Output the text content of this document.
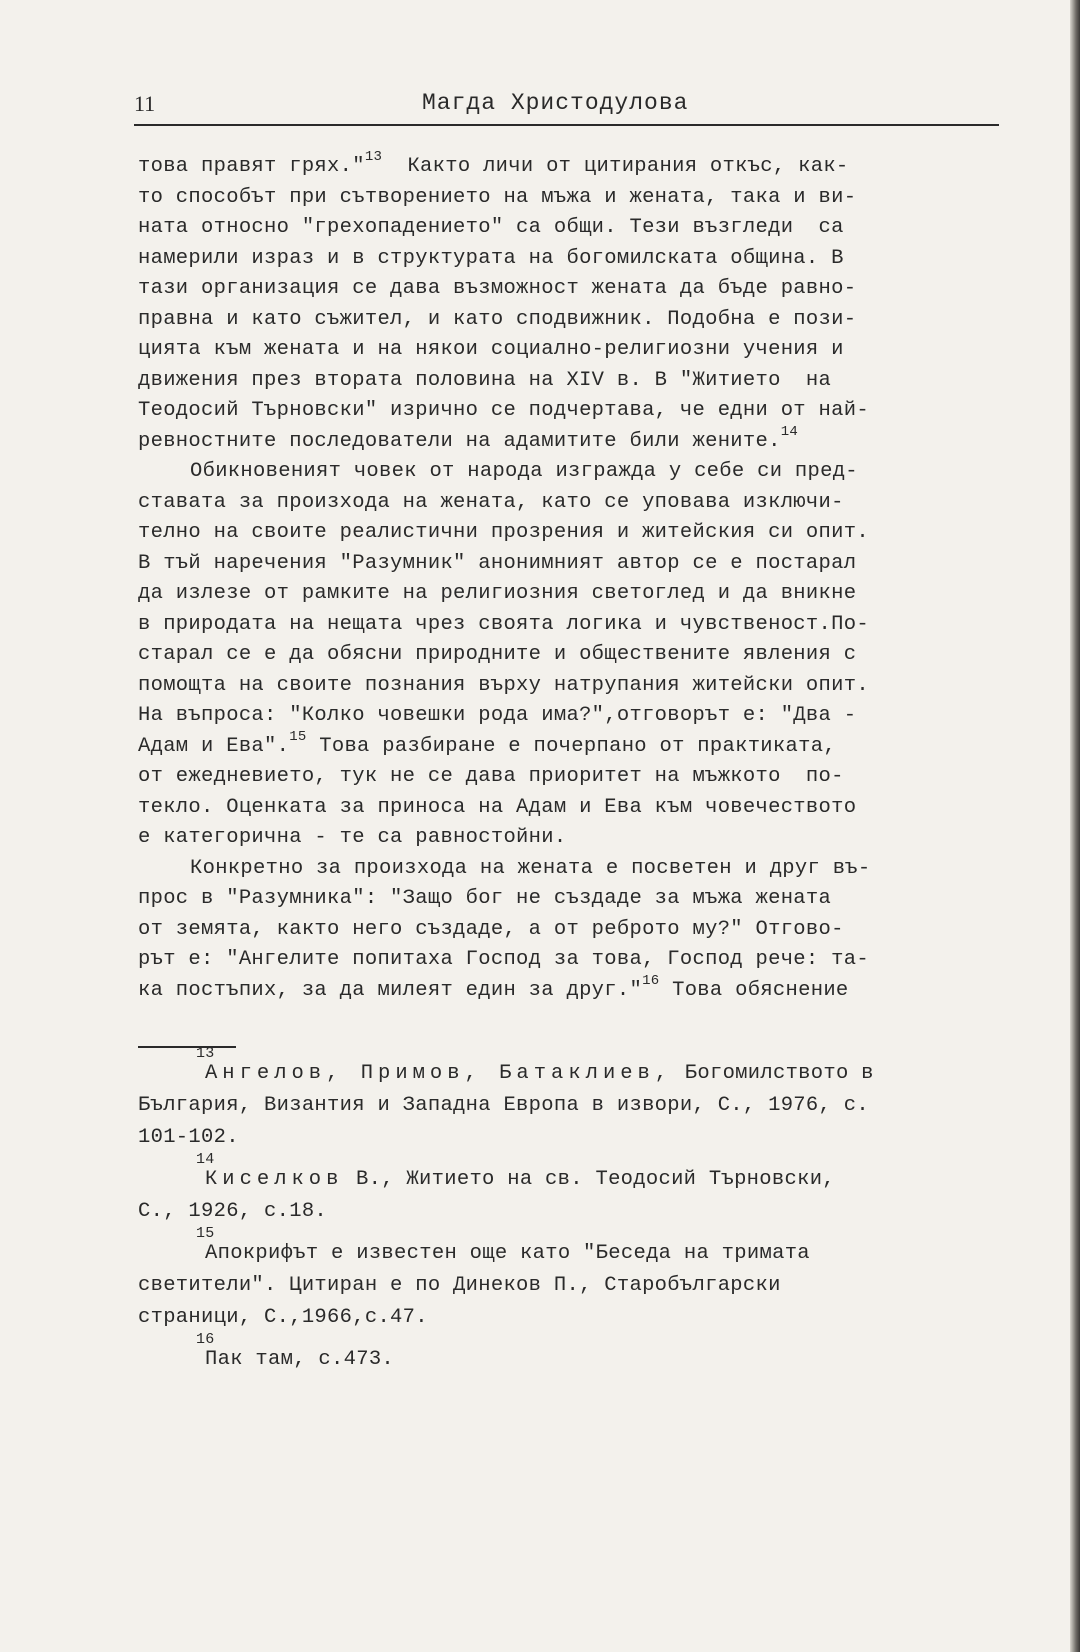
11	Магда Христодулова
това правят грях."$^{13}$  Както личи от цитирания откъс, как-
то способът при сътворението на мъжа и жената, така и ви-
ната относно "грехопадението" са общи. Тези възгледи  са
намерили израз и в структурата на богомилската община. В
тази организация се дава възможност жената да бъде равно-
правна и като съжител, и като сподвижник. Подобна е пози-
цията към жената и на някои социално-религиозни учения и
движения през втората половина на XIV в. В "Житието  на
Теодосий Търновски" изрично се подчертава, че едни от най-
ревностните последователи на адамитите били жените.$^{14}$
Обикновеният човек от народа изгражда у себе си пред-
ставата за произхода на жената, като се уповава изключи-
телно на своите реалистични прозрения и житейския си опит.
В тъй наречения "Разумник" анонимният автор се е постарал
да излезе от рамките на религиозния светоглед и да вникне
в природата на нещата чрез своята логика и чувственост.По-
старал се е да обясни природните и обществените явления с
помощта на своите познания върху натрупания житейски опит.
На въпроса: "Колко човешки рода има?",отговорът е: "Два -
Адам и Ева".$^{15}$ Това разбиране е почерпано от практиката,
от ежедневието, тук не се дава приоритет на мъжкото  по-
текло. Оценката за приноса на Адам и Ева към човечеството
е категорична - те са равностойни.
Конкретно за произхода на жената е посветен и друг въ-
прос в "Разумника": "Защо бог не създаде за мъжа жената
от земята, както него създаде, а от реброто му?" Отгово-
рът е: "Ангелите попитаха Господ за това, Господ рече: та-
ка постъпих, за да милеят един за друг."$^{16}$ Това обяснение
13
Ангелов, Примов, Батаклиев, Богомилството в
България, Византия и Западна Европа в извори, С., 1976, с.
101-102.
14
Киселков В., Житието на св. Теодосий Търновски,
С., 1926, с.18.
15
Апокрифът е известен още като "Беседа на тримата
светители". Цитиран е по Динеков П., Старобългарски
страници, С.,1966,с.47.
16
Пак там, с.473.
